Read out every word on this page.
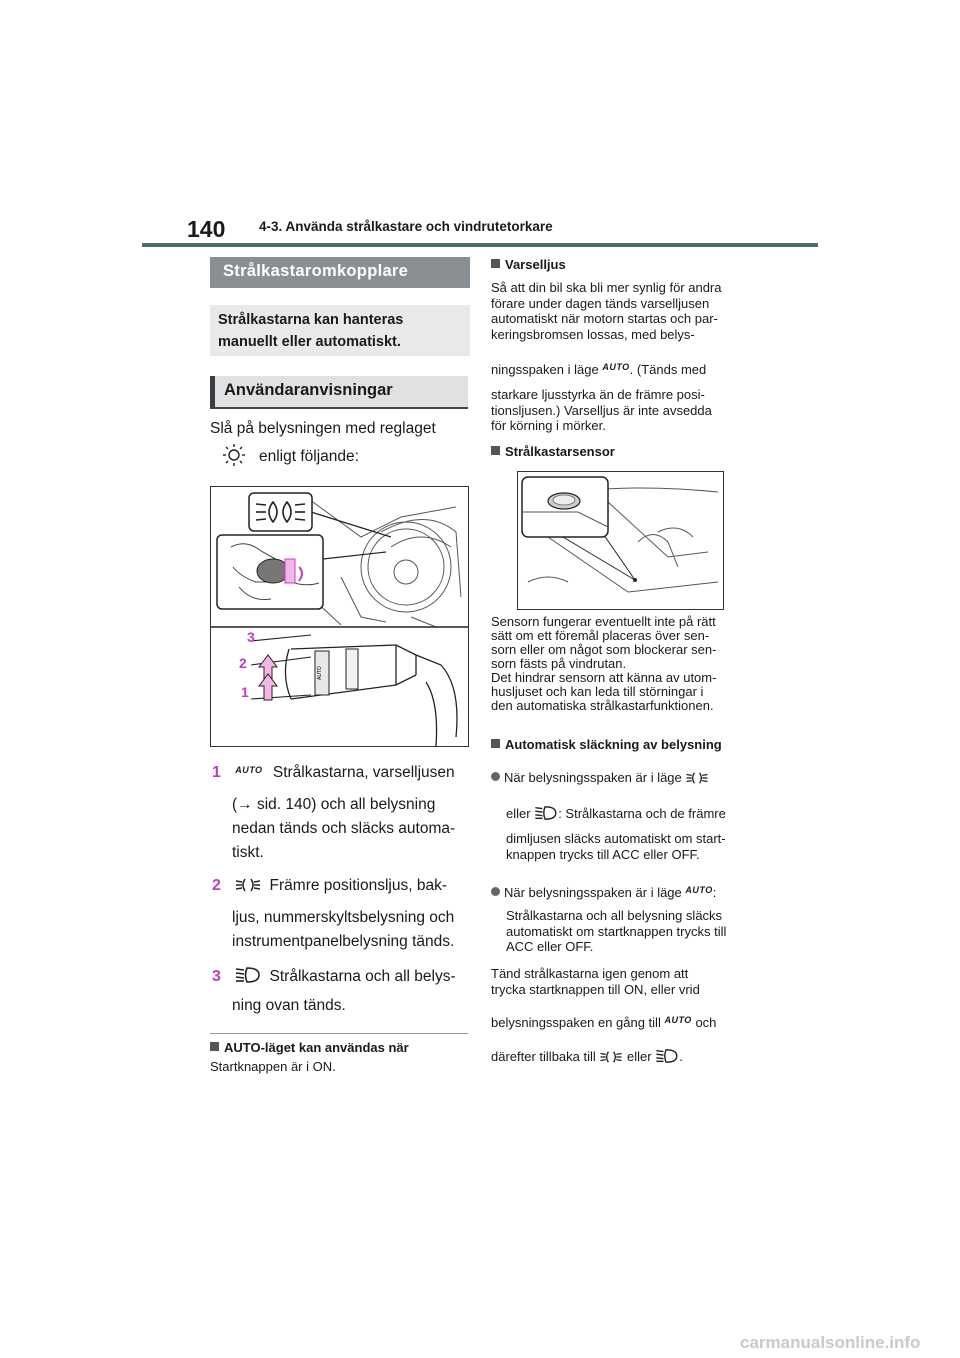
140 4-3. Använda strålkastare och vindrutetorkare
Strålkastaromkopplare
Strålkastarna kan hanteras manuellt eller automatiskt.
Användaranvisningar
Slå på belysningen med reglaget
enligt följande:
AUTO
3
2
1
1 AUTO Strålkastarna, varselljusen
(→ sid. 140) och all belysning
nedan tänds och släcks automa-
tiskt.
2	Främre positionsljus, bak-
ljus, nummerskyltsbelysning och
instrumentpanelbelysning tänds.
3	Strålkastarna och all belys-
ning ovan tänds.
AUTO-läget kan användas när
Startknappen är i ON.
Varselljus
Så att din bil ska bli mer synlig för andra
förare under dagen tänds varselljusen
automatiskt när motorn startas och par-
keringsbromsen lossas, med belys-
ningsspaken i läge AUTO. (Tänds med
starkare ljusstyrka än de främre posi-
tionsljusen.) Varselljus är inte avsedda
för körning i mörker.
Strålkastarsensor
Sensorn fungerar eventuellt inte på rätt
sätt om ett föremål placeras över sen-
sorn eller om något som blockerar sen-
sorn fästs på vindrutan.
Det hindrar sensorn att känna av utom-
husljuset och kan leda till störningar i
den automatiska strålkastarfunktionen.
Automatisk släckning av belysning
När belysningsspaken är i läge
eller : Strålkastarna och de främre
dimljusen släcks automatiskt om start-
knappen trycks till ACC eller OFF.
När belysningsspaken är i läge AUTO:
Strålkastarna och all belysning släcks
automatiskt om startknappen trycks till
ACC eller OFF.
Tänd strålkastarna igen genom att
trycka startknappen till ON, eller vrid
belysningsspaken en gång till AUTO och
därefter tillbaka till eller .
carmanualsonline.info
